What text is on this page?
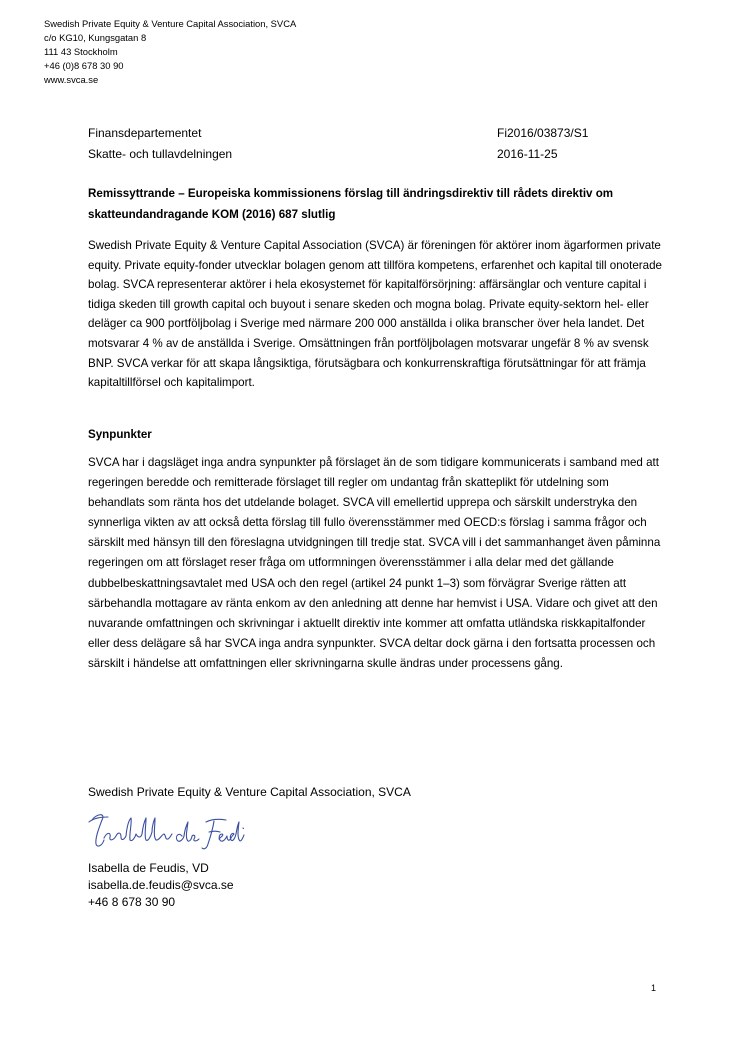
Swedish Private Equity & Venture Capital Association, SVCA
c/o KG10, Kungsgatan 8
111 43 Stockholm
+46 (0)8 678 30 90
www.svca.se
Finansdepartementet
Skatte- och tullavdelningen
Fi2016/03873/S1
2016-11-25
Remissyttrande – Europeiska kommissionens förslag till ändringsdirektiv till rådets direktiv om skatteundandragande KOM (2016) 687 slutlig

Swedish Private Equity & Venture Capital Association (SVCA) är föreningen för aktörer inom ägarformen private equity. Private equity-fonder utvecklar bolagen genom att tillföra kompetens, erfarenhet och kapital till onoterade bolag. SVCA representerar aktörer i hela ekosystemet för kapitalförsörjning: affärsänglar och venture capital i tidiga skeden till growth capital och buyout i senare skeden och mogna bolag. Private equity-sektorn hel- eller deläger ca 900 portföljbolag i Sverige med närmare 200 000 anställda i olika branscher över hela landet. Det motsvarar 4 % av de anställda i Sverige. Omsättningen från portföljbolagen motsvarar ungefär 8 % av svensk BNP. SVCA verkar för att skapa långsiktiga, förutsägbara och konkurrenskraftiga förutsättningar för att främja kapitaltillförsel och kapitalimport.

Synpunkter

SVCA har i dagsläget inga andra synpunkter på förslaget än de som tidigare kommunicerats i samband med att regeringen beredde och remitterade förslaget till regler om undantag från skatteplikt för utdelning som behandlats som ränta hos det utdelande bolaget. SVCA vill emellertid upprepa och särskilt understryka den synnerliga vikten av att också detta förslag till fullo överensstämmer med OECD:s förslag i samma frågor och särskilt med hänsyn till den föreslagna utvidgningen till tredje stat. SVCA vill i det sammanhanget även påminna regeringen om att förslaget reser fråga om utformningen överensstämmer i alla delar med det gällande dubbelbeskattningsavtalet med USA och den regel (artikel 24 punkt 1–3) som förvägrar Sverige rätten att särbehandla mottagare av ränta enkom av den anledning att denne har hemvist i USA. Vidare och givet att den nuvarande omfattningen och skrivningar i aktuellt direktiv inte kommer att omfatta utländska riskkapitalfonder eller dess delägare så har SVCA inga andra synpunkter. SVCA deltar dock gärna i den fortsatta processen och särskilt i händelse att omfattningen eller skrivningarna skulle ändras under processens gång.

Swedish Private Equity & Venture Capital Association, SVCA
Isabella de Feudis, VD
isabella.de.feudis@svca.se
+46 8 678 30 90
1
